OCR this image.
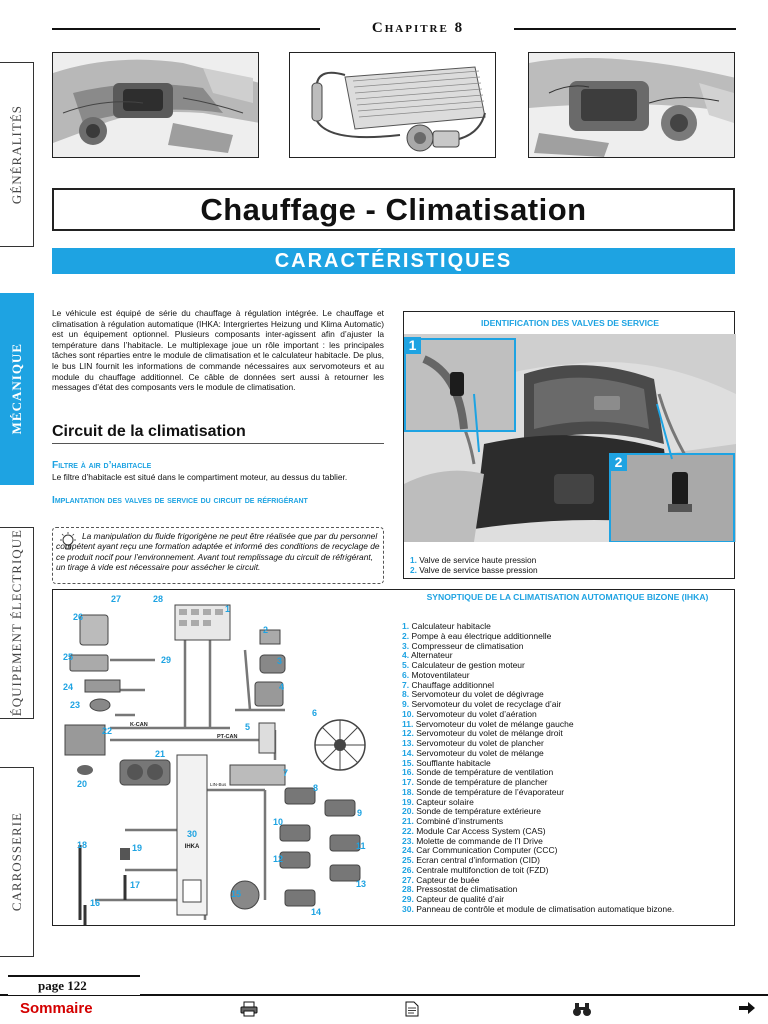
Chapitre 8
Chauffage - Climatisation
CARACTÉRISTIQUES
GÉNÉRALITÉS
MÉCANIQUE
ÉQUIPEMENT ÉLECTRIQUE
CARROSSERIE

Le véhicule est équipé de série du chauffage à régulation intégrée. Le chauffage et climatisation à régulation automatique (IHKA: Intergriertes Heizung und Klima Automatic) est un équipement optionnel. Plusieurs composants inter-agissent afin d’ajuster la température dans l’habitacle. Le multiplexage joue un rôle important : les principales tâches sont réparties entre le module de climatisation et le calculateur habitacle. De plus, le bus LIN fournit les informations de commande nécessaires aux servomoteurs et au module du chauffage additionnel. Ce câble de données sert aussi à retourner les messages d’état des composants vers le module de climatisation.

Circuit de la climatisation
Filtre à air d’habitacle

Le filtre d’habitacle est situé dans le compartiment moteur, au dessus du tablier.

Implantation des valves de service du circuit de réfrigérant

La manipulation du fluide frigorigène ne peut être réalisée que par du personnel compétent ayant reçu une formation adaptée et informé des conditions de recyclage de ce produit nocif pour l’environnement. Avant tout remplissage du circuit de réfrigérant, un tirage à vide est nécessaire pour assécher le circuit.

IDENTIFICATION DES VALVES DE SERVICE
1
2
1. Valve de service haute pression
2. Valve de service basse pression
K-CAN
PT-CAN
LIN-Bus
30
IHKA
1
2
3
4
5
6
7
8
9
10
11
12
13
14
15
16
17
18	19
20
21
22
23
24
25
26
27	28
29
SYNOPTIQUE DE LA CLIMATISATION AUTOMATIQUE BIZONE (IHKA)
1. Calculateur habitacle
2. Pompe à eau électrique additionnelle
3. Compresseur de climatisation
4. Alternateur
5. Calculateur de gestion moteur
6. Motoventilateur
7. Chauffage additionnel
8. Servomoteur du volet de dégivrage
9. Servomoteur du volet de recyclage d’air
10. Servomoteur du volet d’aération
11. Servomoteur du volet de mélange gauche
12. Servomoteur du volet de mélange droit
13. Servomoteur du volet de plancher
14. Servomoteur du volet de mélange
15. Soufflante habitacle
16. Sonde de température de ventilation
17. Sonde de température de plancher
18. Sonde de température de l’évaporateur
19. Capteur solaire
20. Sonde de température extérieure
21. Combiné d’instruments
22. Module Car Access System (CAS)
23. Molette de commande de l’I Drive
24. Car Communication Computer (CCC)
25. Ecran central d’information (CID)
26. Centrale multifonction de toit (FZD)
27. Capteur de buée
28. Pressostat de climatisation
29. Capteur de qualité d’air
30. Panneau de contrôle et module de climatisation automatique bizone.
page 122
Sommaire
